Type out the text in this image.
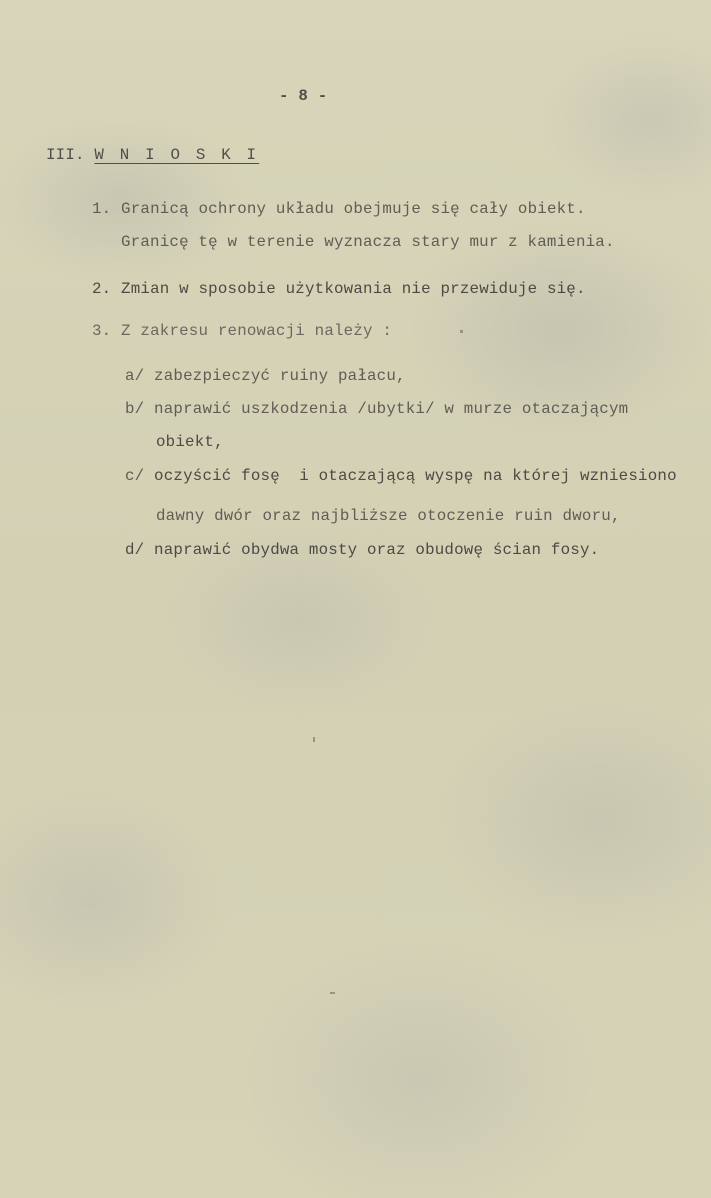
- 8 -
III. W N I O S K I
1. Granicą ochrony układu obejmuje się cały obiekt.
Granicę tę w terenie wyznacza stary mur z kamienia.
2. Zmian w sposobie użytkowania nie przewiduje się.
3. Z zakresu renowacji należy :
a/ zabezpieczyć ruiny pałacu,
b/ naprawić uszkodzenia /ubytki/ w murze otaczającym
obiekt,
c/ oczyścić fosę  i otaczającą wyspę na której wzniesiono
dawny dwór oraz najbliższe otoczenie ruin dworu,
d/ naprawić obydwa mosty oraz obudowę ścian fosy.
